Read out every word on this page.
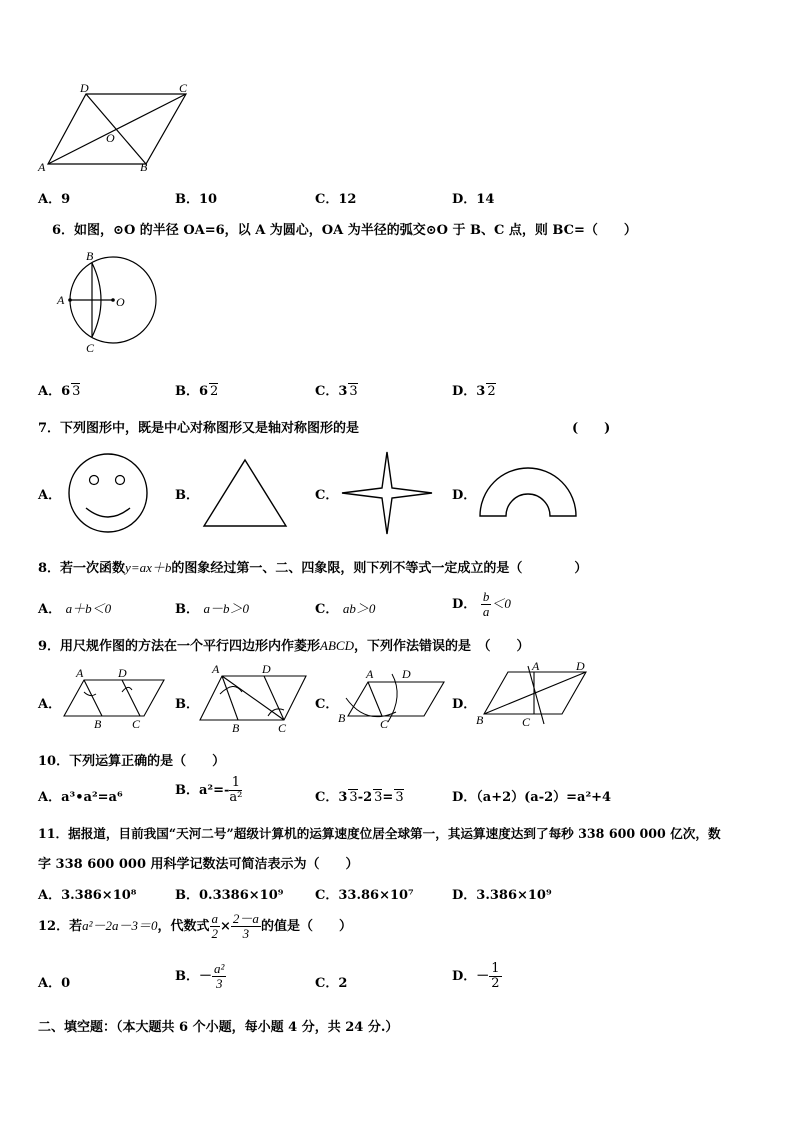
D	C
A	B
O
A．9	B．10	C．12	D．14
6．如图，⊙O 的半径 OA=6，以 A 为圆心，OA 为半径的弧交⊙O 于 B、C 点，则 BC=（　　）
B
A	O
C
A．6 3	B．6 2	C．3 3	D．3 2
7．下列图形中，既是中心对称图形又是轴对称图形的是	(　　)
A．	B．	C．	D．
8．若一次函数y=ax＋b的图象经过第一、二、四象限，则下列不等式一定成立的是（　　　　）
A． a＋b＜0	B． a－b＞0	C． ab＞0	D． $\frac{b}{a} <0$
9．用尺规作图的方法在一个平行四边形内作菱形ABCD，下列作法错误的是　（　　）
A．
A	D
B	C
B．
A	D
B	C
C．
A D
B	C
D．
A	D
B	C
10．下列运算正确的是（　　）
A．a³•a²=a⁶	B．$a^2=- \frac{1}{\text{a²}}$	C．3 3-2 3= 3	D．（a+2）(a-2）=a²+4
11．据报道，目前我国“天河二号”超级计算机的运算速度位居全球第一，其运算速度达到了每秒 338 600 000 亿次，数
字 338 600 000 用科学记数法可简洁表示为（　　）
A．3.386×10⁸	B．0.3386×10⁹ C．33.86×10⁷	D．3.386×10⁹
12．若a²－2a－3＝0，代数式 $\frac{a}{2} \times \frac{2-a}{3}$ 的值是（　　）
A．0	B．－ $\frac{\text{a²}}{3}$	C．2	D．－ $\frac{1}{2}$
二、填空题：（本大题共 6 个小题，每小题 4 分，共 24 分.）
